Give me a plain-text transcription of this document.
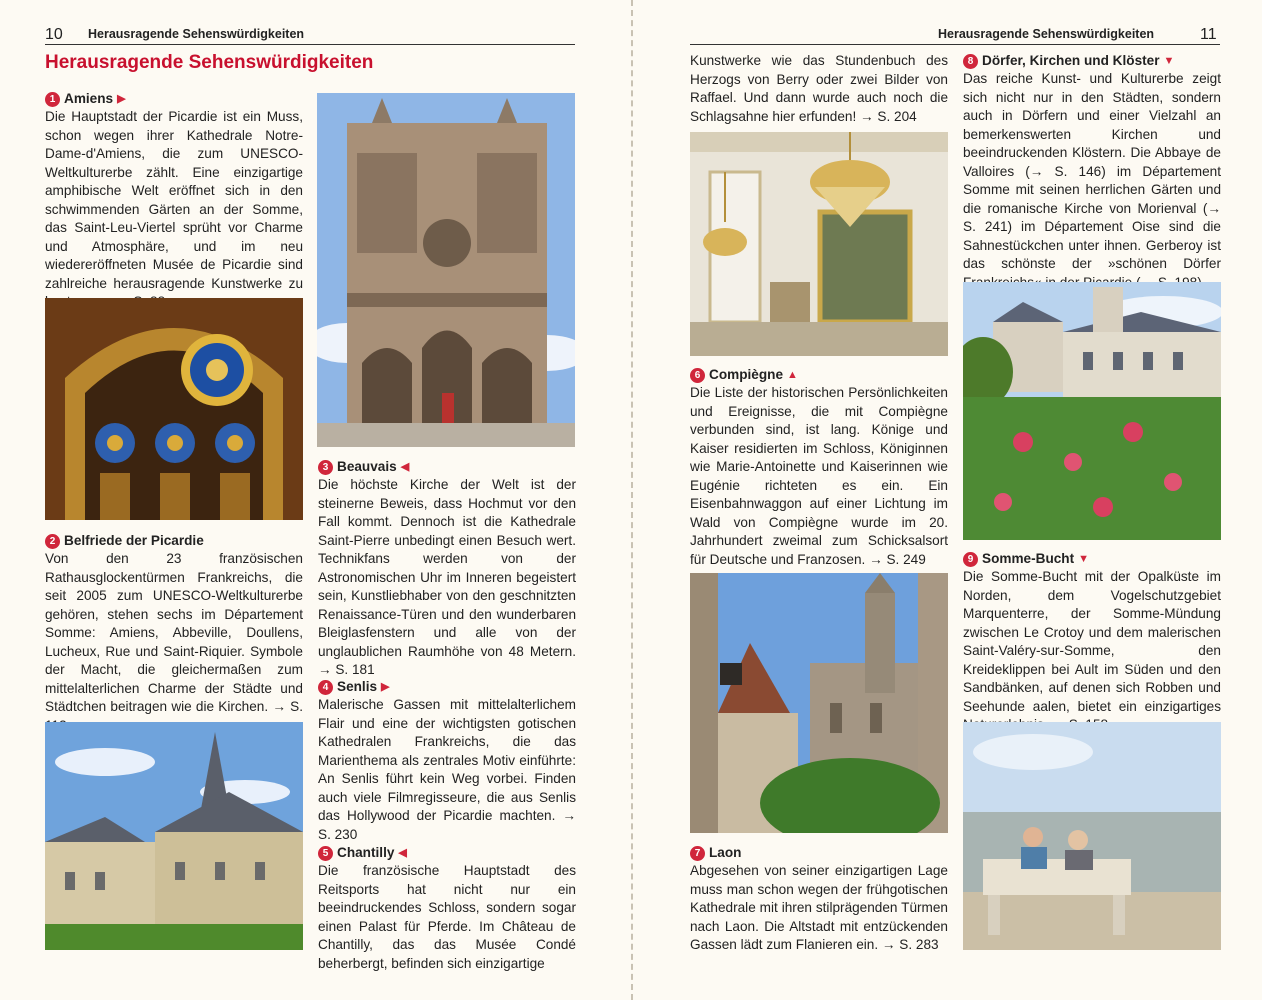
10 Herausragende Sehenswürdigkeiten
Herausragende Sehenswürdigkeiten
1 Amiens ▶

Die Hauptstadt der Picardie ist ein Muss, schon wegen ihrer Kathedrale Notre-Dame-d'Amiens, die zum UNESCO-Weltkulturerbe zählt. Eine einzigartige amphibische Welt eröffnet sich in den schwimmenden Gärten an der Somme, das Saint-Leu-Viertel sprüht vor Charme und Atmosphäre, und im neu wiedereröffneten Musée de Picardie sind zahlreiche herausragende Kunstwerke zu

2 Belfriede der Picardie

Von den 23 französischen Rathausglockentürmen Frankreichs, die seit 2005 zum UNESCO-Weltkulturerbe gehören, stehen sechs im Département Somme: Amiens, Abbeville, Doullens, Lucheux, Rue und Saint-Riquier. Symbole der Macht, die gleichermaßen zum mittelalterlichen Charme der Städte und Städtchen beitragen wie die Kirchen. → S.

3 Beauvais ◀

Die höchste Kirche der Welt ist der steinerne Beweis, dass Hochmut vor den Fall kommt. Dennoch ist die Kathedrale Saint-Pierre unbedingt einen Besuch wert. Technikfans werden von der Astronomischen Uhr im Inneren begeistert sein, Kunstliebhaber von den geschnitzten Renaissance-Türen und den wunderbaren Bleiglasfenstern und alle von der unglaublichen Raumhöhe von 48 Metern. → S. 181

4 Senlis ▶

Malerische Gassen mit mittelalterlichem Flair und eine der wichtigsten gotischen Kathedralen Frankreichs, die das Marienthema als zentrales Motiv einführte: An Senlis führt kein Weg vorbei. Finden auch viele Filmregisseure, die aus Senlis das Hollywood der Picardie machten. → S. 230

5 Chantilly ◀

Die französische Hauptstadt des Reitsports hat nicht nur ein beeindruckendes Schloss, sondern sogar einen Palast für Pferde. Im Château de Chantilly, das das Musée Condé beherbergt, befinden sich einzigartige

Herausragende Sehenswürdigkeiten	11

Kunstwerke wie das Stundenbuch des Herzogs von Berry oder zwei Bilder von Raffael. Und dann wurde auch noch die Schlagsahne hier erfunden! → S. 204

6 Compiègne ▲

Die Liste der historischen Persönlichkeiten und Ereignisse, die mit Compiègne verbunden sind, ist lang. Könige und Kaiser residierten im Schloss, Königinnen wie Marie-Antoinette und Kaiserinnen wie Eugénie richteten es ein. Ein Eisenbahnwaggon auf einer Lichtung im Wald von Compiègne wurde im 20. Jahrhundert zweimal zum Schicksalsort für Deutsche und Franzosen. → S. 249

7 Laon

Abgesehen von seiner einzigartigen Lage muss man schon wegen der frühgotischen Kathedrale mit ihren stilprägenden Türmen nach Laon. Die Altstadt mit entzückenden Gassen lädt zum Flanieren ein. → S. 283

8 Dörfer, Kirchen und Klöster ▼

Das reiche Kunst- und Kulturerbe zeigt sich nicht nur in den Städten, sondern auch in Dörfern und einer Vielzahl an bemerkenswerten Kirchen und beeindruckenden Klöstern. Die Abbaye de Valloires (→ S. 146) im Département Somme mit seinen herrlichen Gärten und die romanische Kirche von Morienval (→ S. 241) im Département Oise sind die Sahnestückchen unter ihnen. Gerberoy ist das schönste der »schönen Dörfer

9 Somme-Bucht ▼

Die Somme-Bucht mit der Opalküste im Norden, dem Vogelschutzgebiet Marquenterre, der Somme-Mündung zwischen Le Crotoy und dem malerischen Saint-Valéry-sur-Somme, den Kreideklippen bei Ault im Süden und den Sandbänken, auf denen sich Robben und Seehunde aalen, bietet ein einzigartiges
